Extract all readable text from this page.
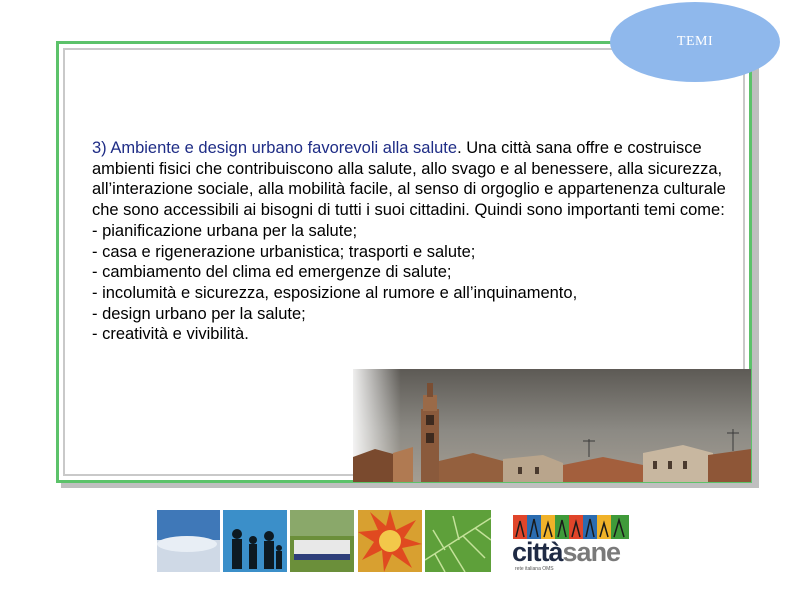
TEMI

3) Ambiente e design urbano favorevoli alla salute. Una città sana offre e costruisce ambienti fisici che contribuiscono alla salute, allo svago e al benessere, alla sicurezza, all’interazione sociale, alla mobilità facile, al senso di orgoglio e appartenenza culturale che sono accessibili ai bisogni di tutti i suoi cittadini. Quindi sono importanti temi come:

- pianificazione urbana per la salute;
- casa e rigenerazione urbanistica; trasporti e salute;
- cambiamento del clima ed emergenze di salute;
- incolumità e sicurezza, esposizione al rumore e all’inquinamento,
- design urbano per la salute;
- creatività e vivibilità.
cittàsane
rete italiana OMS
